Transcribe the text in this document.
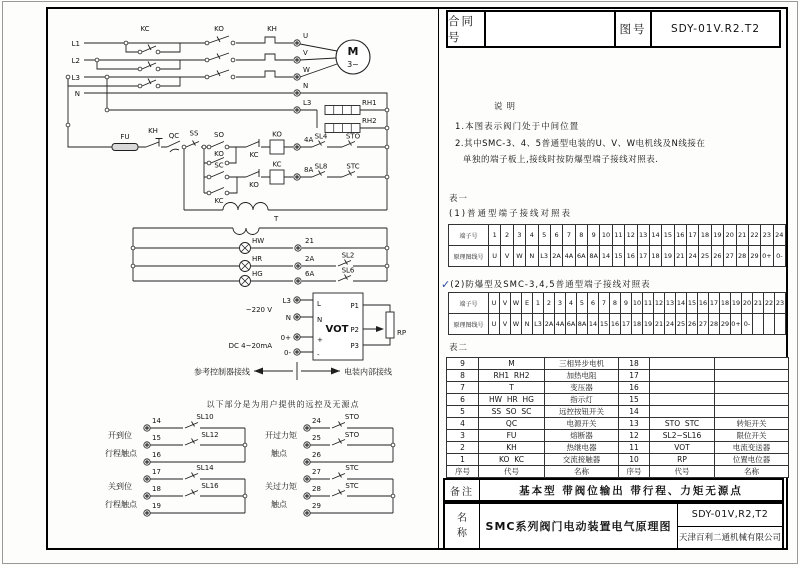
L1
L2
L3
N
KC	KO	KH
U
V
W
M
3~
N
L3	RH1
RH2
FU
KH
QC SS SO
KO	KC
KO
4A SL4	STO
SC
KC
KO
KC
8A SL8	STC
T
HW	21
HR	2A	SL2
HG	6A	SL6
L3
~220 V
N
0+
DC 4~20mA
0-
L
N
+
-
VOT
P1
P2
P3
RP
参考控制器接线	电装内部接线
以下部分是为用户提供的远控及无源点
开到位
行程触点
开过力矩
触点
关到位
行程触点
关过力矩
触点
14
15
16
17
18
19
SL10
SL12
SL14
SL16
24
25
26
27
28
29
STO
STO
STC
STC
合同号
图号 SDY-01V.R2.T2
说明
1.本图表示阀门处于中间位置
2.其中SMC-3、4、5普通型电装的U、V、W电机线及N线接在
单独的端子板上,接线时按防爆型端子接线对照表.
表一
(1)普通型端子接线对照表
端子号	1	2	3	4	5	6	7	8	9	10	11	12	13	14	15	16	17	18	19	20	21	22	23	24
原理图线号	U	V	W	N	L3	2A	4A	6A	8A	14	15	16	17	18	19	21	24	25	26	27	28	29	0+	0-
✓(2)防爆型及SMC-3,4,5普通型端子接线对照表
端子号	U	V	W	E	1	2	3	4	5	6	7	8	9	10	11	12	13	14	15	16	17	18	19	20	21	22	23
原理图线号	U	V	W	N	L3	2A	4A	6A	8A	14	15	16	17	18	19	21	24	25	26	27	28	29	0+	0-			
表二
9	M	三相异步电机	18		
8	RH1  RH2	加热电阻	17		
7	T	变压器	16		
6	HW  HR  HG	指示灯	15		
5	SS  SO  SC	远控按钮开关	14		
4	QC	电源开关	13	STO  STC	转矩开关
3	FU	熔断器	12	SL2~SL16	限位开关
2	KH	热继电器	11	VOT	电流变送器
1	KO  KC	交流接触器	10	RP	位置电位器
序号	代号	名称	序号	代号	名称
备注	基本型 带阀位输出 带行程、力矩无源点
名称
SMC系列阀门电动装置电气原理图
SDY-01V,R2,T2
天津百利二通机械有限公司
